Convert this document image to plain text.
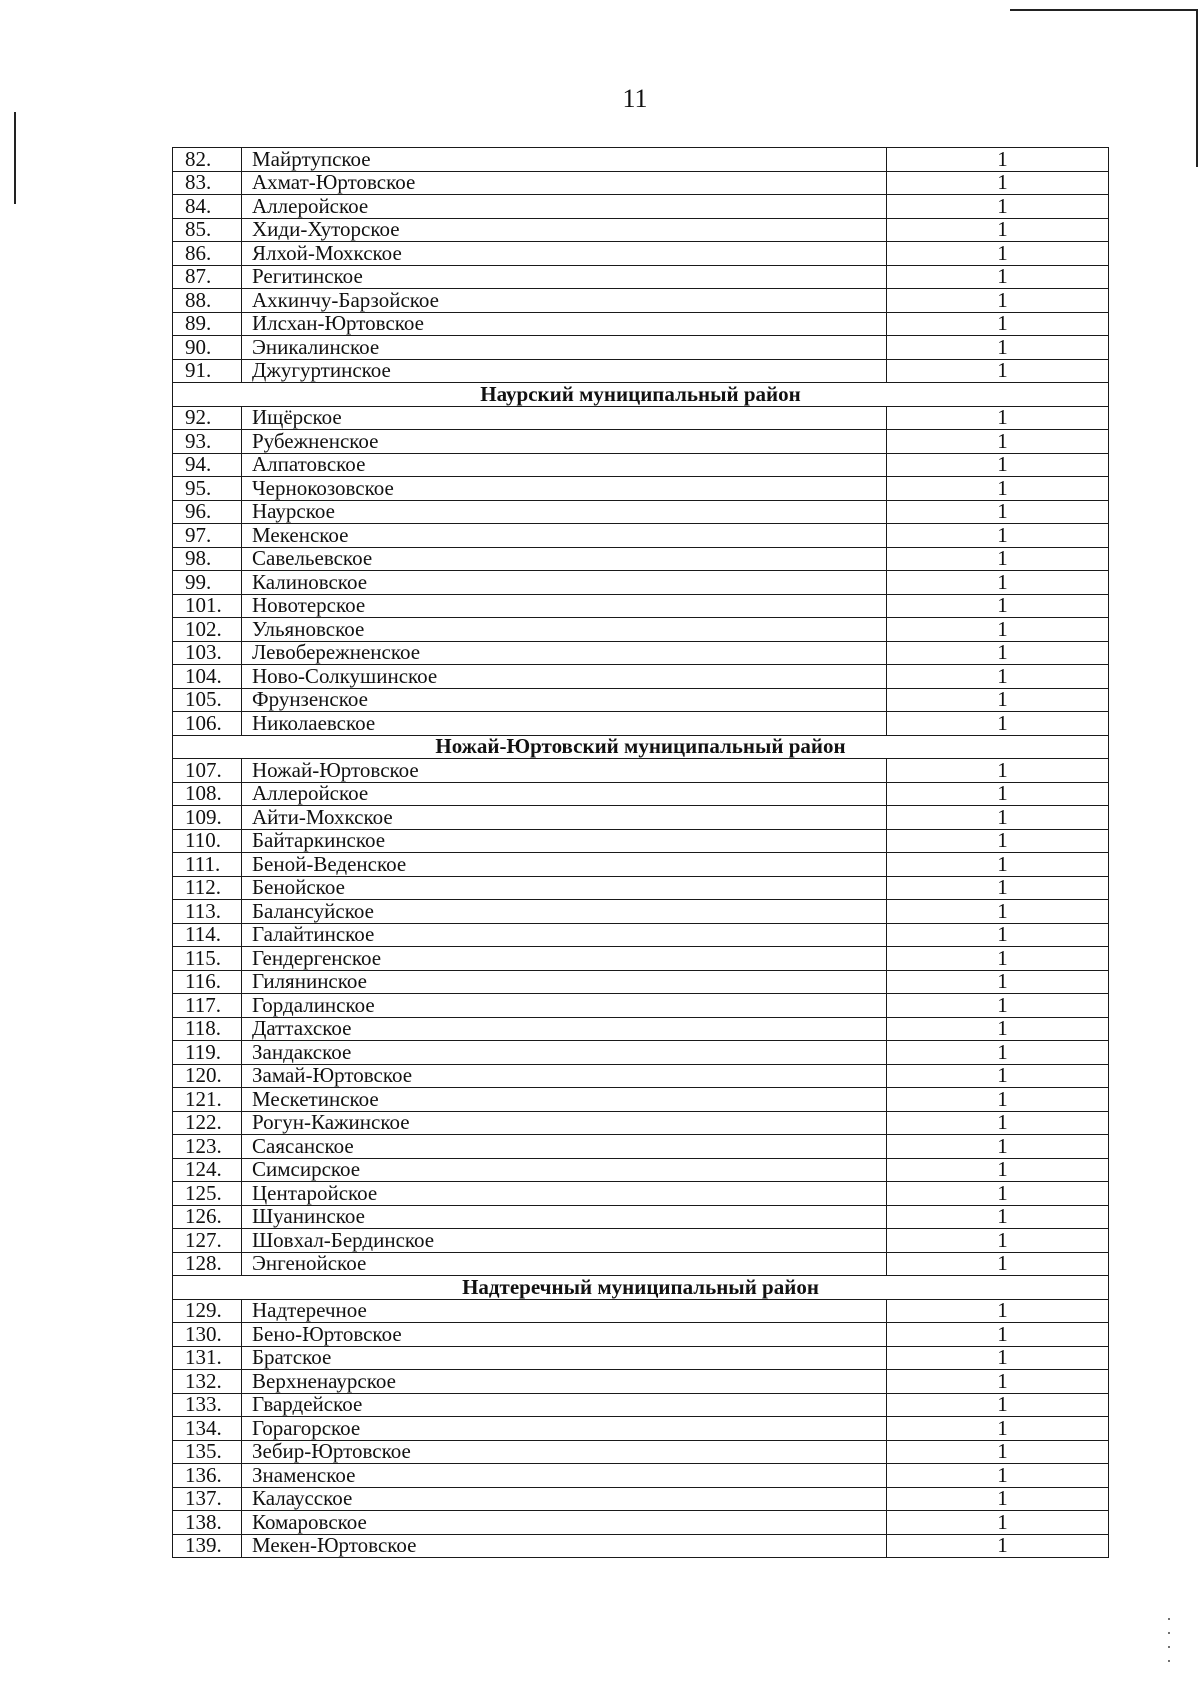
11
82.	Майртупское	1
83.	Ахмат-Юртовское	1
84.	Аллеройское	1
85.	Хиди-Хуторское	1
86.	Ялхой-Мохкское	1
87.	Регитинское	1
88.	Ахкинчу-Барзойское	1
89.	Илсхан-Юртовское	1
90.	Эникалинское	1
91.	Джугуртинское	1
Наурский муниципальный район		
92.	Ищёрское	1
93.	Рубежненское	1
94.	Алпатовское	1
95.	Чернокозовское	1
96.	Наурское	1
97.	Мекенское	1
98.	Савельевское	1
99.	Калиновское	1
101.	Новотерское	1
102.	Ульяновское	1
103.	Левобережненское	1
104.	Ново-Солкушинское	1
105.	Фрунзенское	1
106.	Николаевское	1
Ножай-Юртовский муниципальный район		
107.	Ножай-Юртовское	1
108.	Аллеройское	1
109.	Айти-Мохкское	1
110.	Байтаркинское	1
111.	Беной-Веденское	1
112.	Бенойское	1
113.	Балансуйское	1
114.	Галайтинское	1
115.	Гендергенское	1
116.	Гилянинское	1
117.	Гордалинское	1
118.	Даттахское	1
119.	Зандакское	1
120.	Замай-Юртовское	1
121.	Мескетинское	1
122.	Рогун-Кажинское	1
123.	Саясанское	1
124.	Симсирское	1
125.	Центаройское	1
126.	Шуанинское	1
127.	Шовхал-Бердинское	1
128.	Энгенойское	1
Надтеречный муниципальный район		
129.	Надтеречное	1
130.	Бено-Юртовское	1
131.	Братское	1
132.	Верхненаурское	1
133.	Гвардейское	1
134.	Горагорское	1
135.	Зебир-Юртовское	1
136.	Знаменское	1
137.	Калаусское	1
138.	Комаровское	1
139.	Мекен-Юртовское	1
